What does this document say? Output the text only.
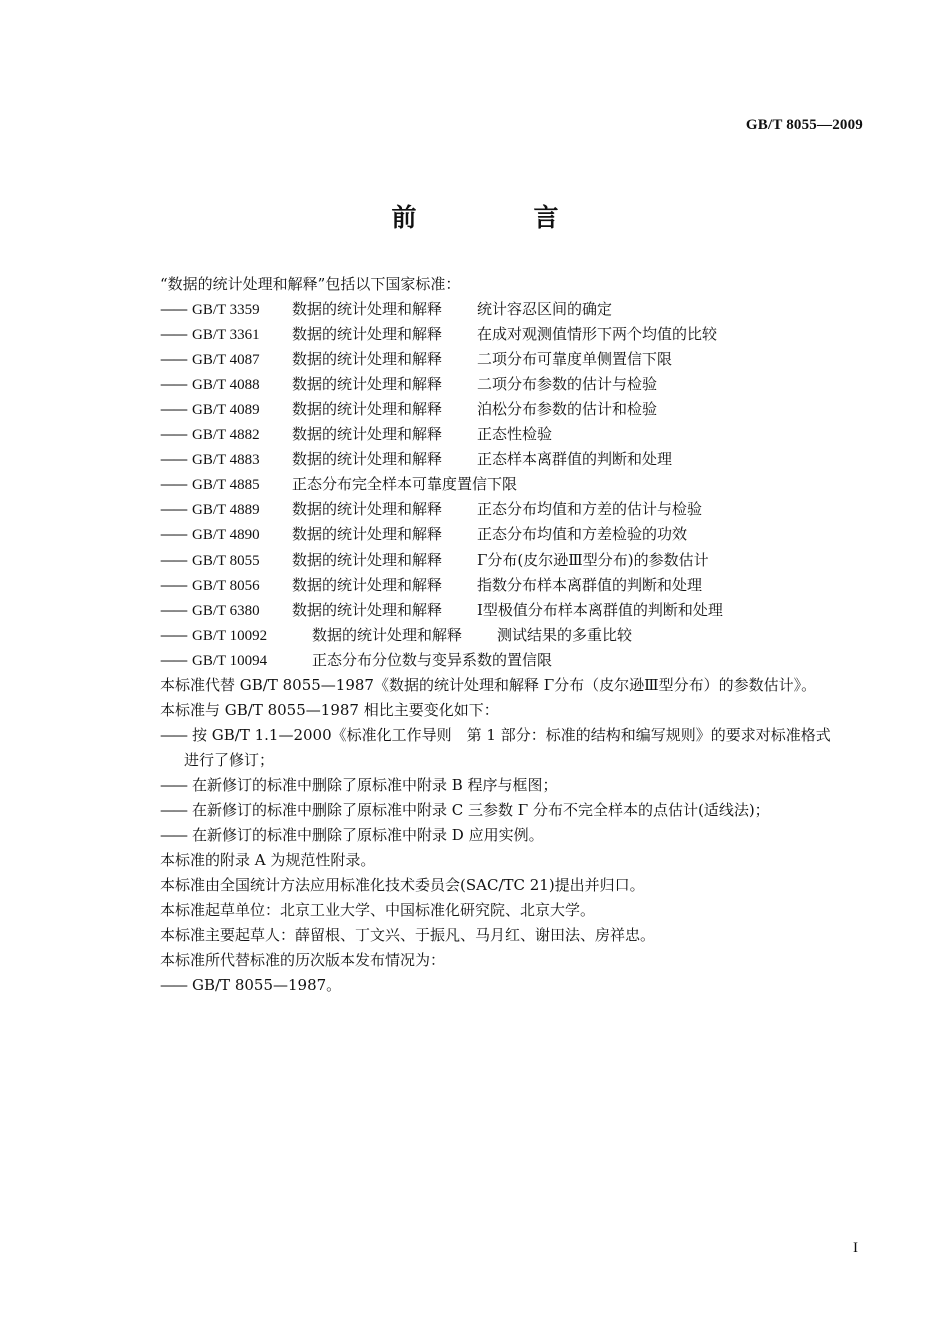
GB/T 8055—2009
前　言
“数据的统计处理和解释”包括以下国家标准：
—— GB/T 3359 数据的统计处理和解释 统计容忍区间的确定
—— GB/T 3361 数据的统计处理和解释 在成对观测值情形下两个均值的比较
—— GB/T 4087 数据的统计处理和解释 二项分布可靠度单侧置信下限
—— GB/T 4088 数据的统计处理和解释 二项分布参数的估计与检验
—— GB/T 4089 数据的统计处理和解释 泊松分布参数的估计和检验
—— GB/T 4882 数据的统计处理和解释 正态性检验
—— GB/T 4883 数据的统计处理和解释 正态样本离群值的判断和处理
—— GB/T 4885 正态分布完全样本可靠度置信下限
—— GB/T 4889 数据的统计处理和解释 正态分布均值和方差的估计与检验
—— GB/T 4890 数据的统计处理和解释 正态分布均值和方差检验的功效
—— GB/T 8055 数据的统计处理和解释 Γ分布(皮尔逊Ⅲ型分布)的参数估计
—— GB/T 8056 数据的统计处理和解释 指数分布样本离群值的判断和处理
—— GB/T 6380 数据的统计处理和解释 Ⅰ型极值分布样本离群值的判断和处理
—— GB/T 10092	数据的统计处理和解释 测试结果的多重比较
—— GB/T 10094	正态分布分位数与变异系数的置信限
本标准代替 GB/T 8055—1987《数据的统计处理和解释 Γ分布（皮尔逊Ⅲ型分布）的参数估计》。
本标准与 GB/T 8055—1987 相比主要变化如下：
—— 按 GB/T 1.1—2000《标准化工作导则　第 1 部分：标准的结构和编写规则》的要求对标准格式
进行了修订；
—— 在新修订的标准中删除了原标准中附录 B 程序与框图；
—— 在新修订的标准中删除了原标准中附录 C 三参数 Γ 分布不完全样本的点估计(适线法)；
—— 在新修订的标准中删除了原标准中附录 D 应用实例。
本标准的附录 A 为规范性附录。
本标准由全国统计方法应用标准化技术委员会(SAC/TC 21)提出并归口。
本标准起草单位：北京工业大学、中国标准化研究院、北京大学。
本标准主要起草人：薛留根、丁文兴、于振凡、马月红、谢田法、房祥忠。
本标准所代替标准的历次版本发布情况为：
—— GB/T 8055—1987。
I
